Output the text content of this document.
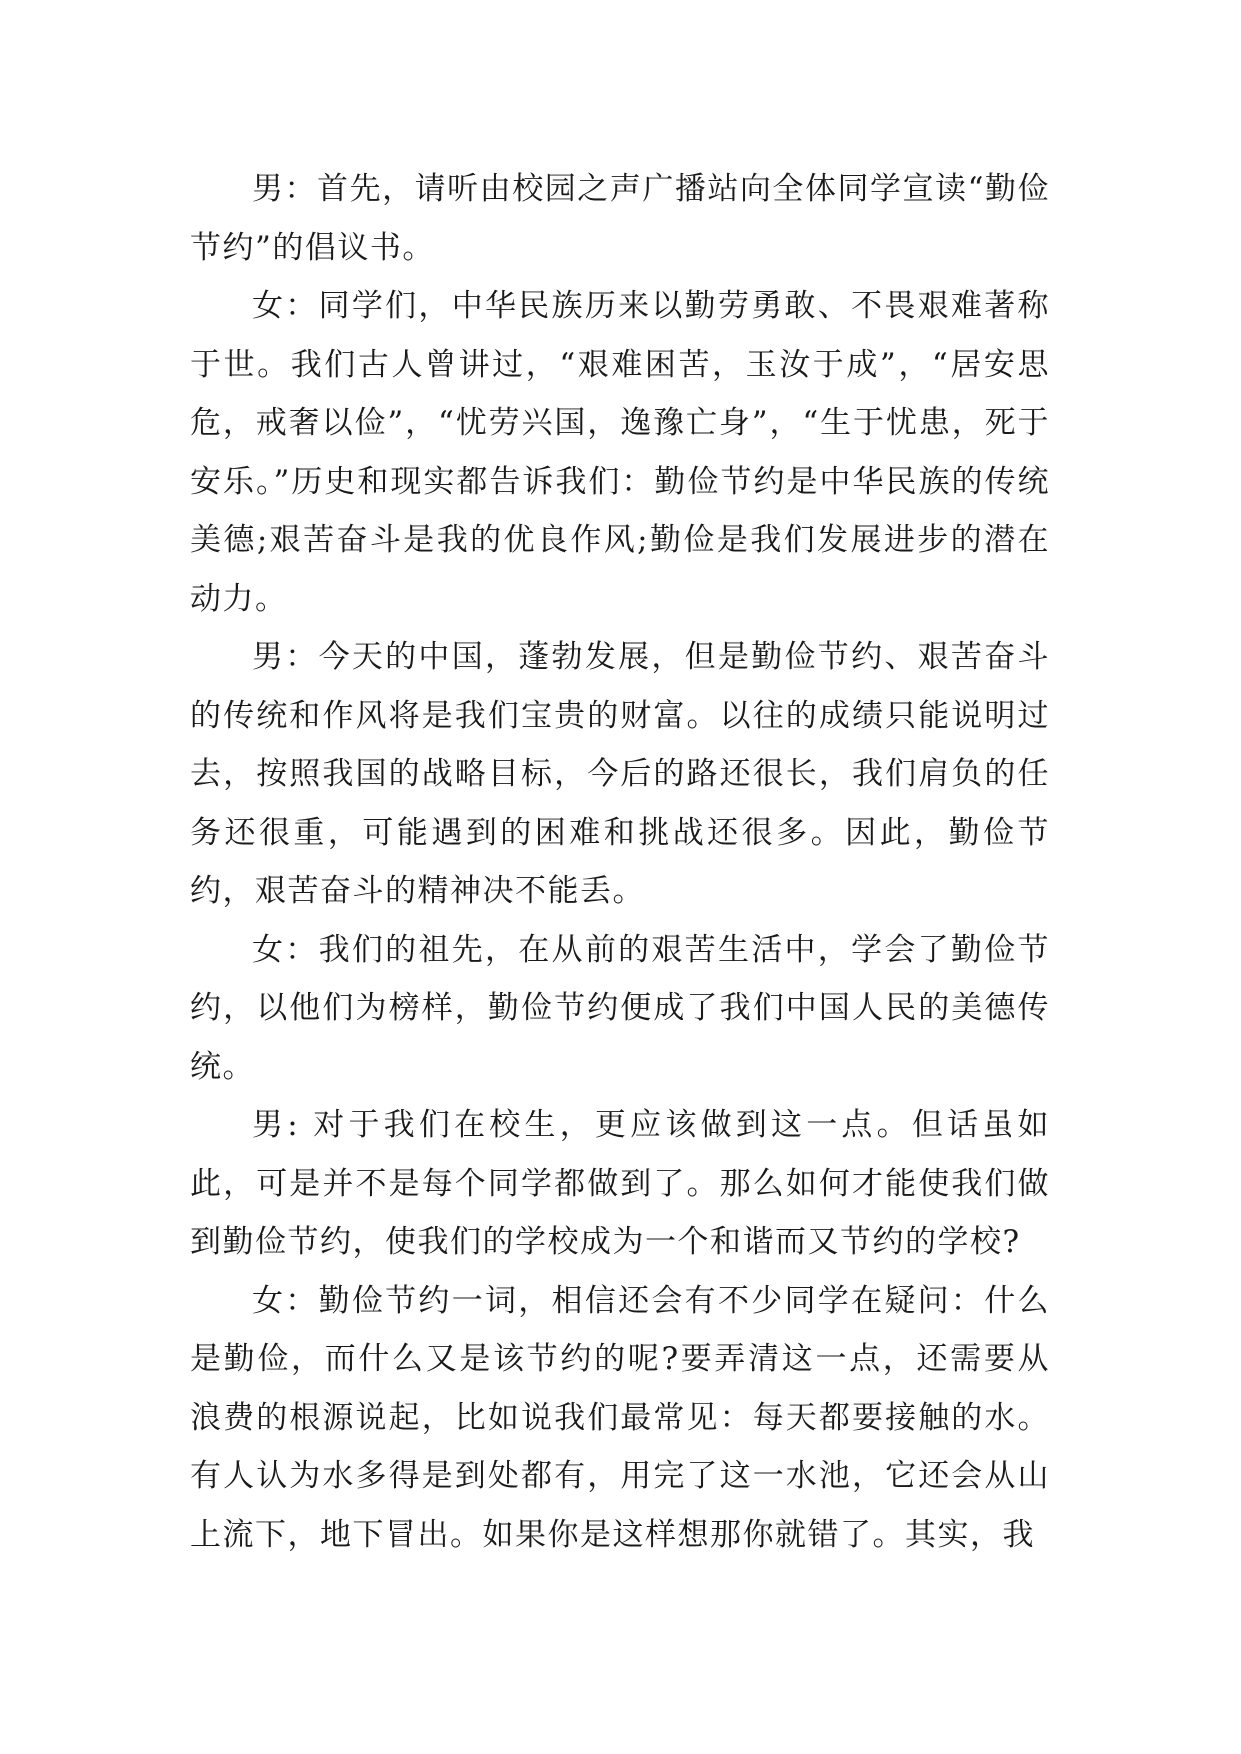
男：首先，请听由校园之声广播站向全体同学宣读“勤俭节约”的倡议书。

女：同学们，中华民族历来以勤劳勇敢、不畏艰难著称于世。我们古人曾讲过，“艰难困苦，玉汝于成”，“居安思危，戒奢以俭”，“忧劳兴国，逸豫亡身”，“生于忧患，死于安乐。”历史和现实都告诉我们：勤俭节约是中华民族的传统美德;艰苦奋斗是我的优良作风;勤俭是我们发展进步的潜在动力。

男：今天的中国，蓬勃发展，但是勤俭节约、艰苦奋斗的传统和作风将是我们宝贵的财富。以往的成绩只能说明过去，按照我国的战略目标，今后的路还很长，我们肩负的任务还很重，可能遇到的困难和挑战还很多。因此，勤俭节约，艰苦奋斗的精神决不能丢。

女：我们的祖先，在从前的艰苦生活中，学会了勤俭节约，以他们为榜样，勤俭节约便成了我们中国人民的美德传统。

男: 对于我们在校生，更应该做到这一点。但话虽如此，可是并不是每个同学都做到了。那么如何才能使我们做到勤俭节约，使我们的学校成为一个和谐而又节约的学校?

女：勤俭节约一词，相信还会有不少同学在疑问：什么是勤俭，而什么又是该节约的呢?要弄清这一点，还需要从浪费的根源说起，比如说我们最常见：每天都要接触的水。有人认为水多得是到处都有，用完了这一水池，它还会从山上流下，地下冒出。如果你是这样想那你就错了。其实，我
